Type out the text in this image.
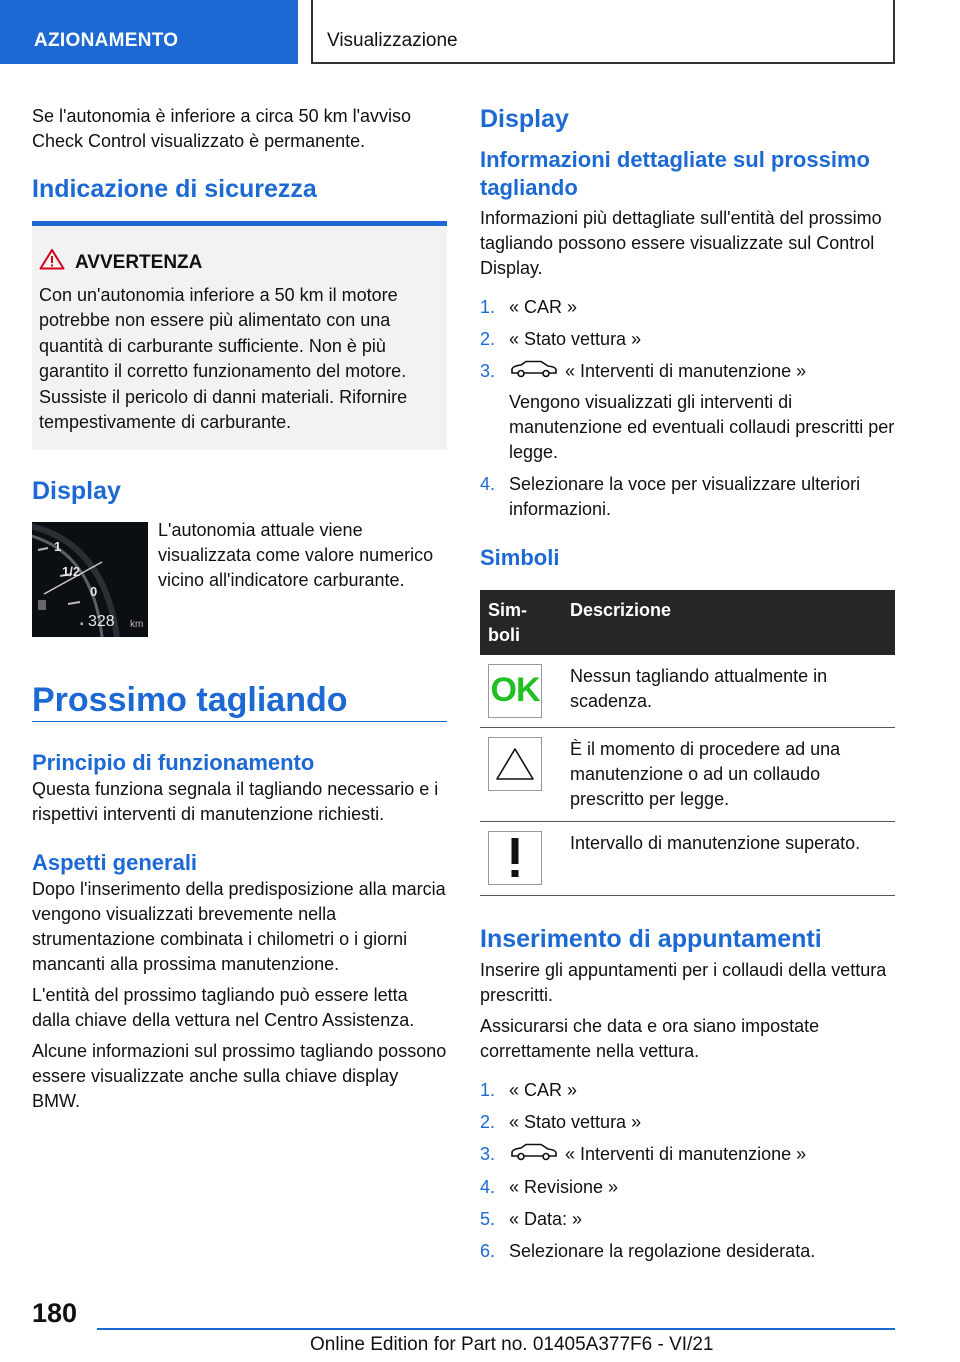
AZIONAMENTO	Visualizzazione

Se l'autonomia è inferiore a circa 50 km l'avviso Check Control visualizzato è permanente.

Indicazione di sicurezza
AVVERTENZA
Con un'autonomia inferiore a 50 km il motore potrebbe non essere più alimentato con una quantità di carburante sufficiente. Non è più garantito il corretto funzionamento del motore. Sussiste il pericolo di danni materiali. Rifornire tempestivamente di carburante.
Display
1
1/2
0
328 km
▪
L'autonomia attuale viene visualizzata come valore numerico vicino all'indicatore carburante.
Prossimo tagliando
Principio di funzionamento

Questa funziona segnala il tagliando necessario e i rispettivi interventi di manutenzione richiesti.

Aspetti generali

Dopo l'inserimento della predisposizione alla marcia vengono visualizzati brevemente nella strumentazione combinata i chilometri o i giorni mancanti alla prossima manutenzione.

L'entità del prossimo tagliando può essere letta dalla chiave della vettura nel Centro Assistenza.

Alcune informazioni sul prossimo tagliando possono essere visualizzate anche sulla chiave display BMW.

Display
Informazioni dettagliate sul prossimo tagliando

Informazioni più dettagliate sull'entità del prossimo tagliando possono essere visualizzate sul Control Display.

1. « CAR »
2. « Stato vettura »
3.	« Interventi di manutenzione »
Vengono visualizzati gli interventi di manutenzione ed eventuali collaudi prescritti per legge.
4. Selezionare la voce per visualizzare ulteriori informazioni.
Simboli
Sim-
boli	Descrizione

OK	Nessun tagliando attualmente in scadenza.

	È il momento di procedere ad una manutenzione o ad un collaudo prescritto per legge.

	Intervallo di manutenzione superato.
Inserimento di appuntamenti

Inserire gli appuntamenti per i collaudi della vettura prescritti.

Assicurarsi che data e ora siano impostate correttamente nella vettura.

1. « CAR »
2. « Stato vettura »
3.	« Interventi di manutenzione »
4. « Revisione »
5. « Data: »
6. Selezionare la regolazione desiderata.
180
Online Edition for Part no. 01405A377F6 - VI/21
